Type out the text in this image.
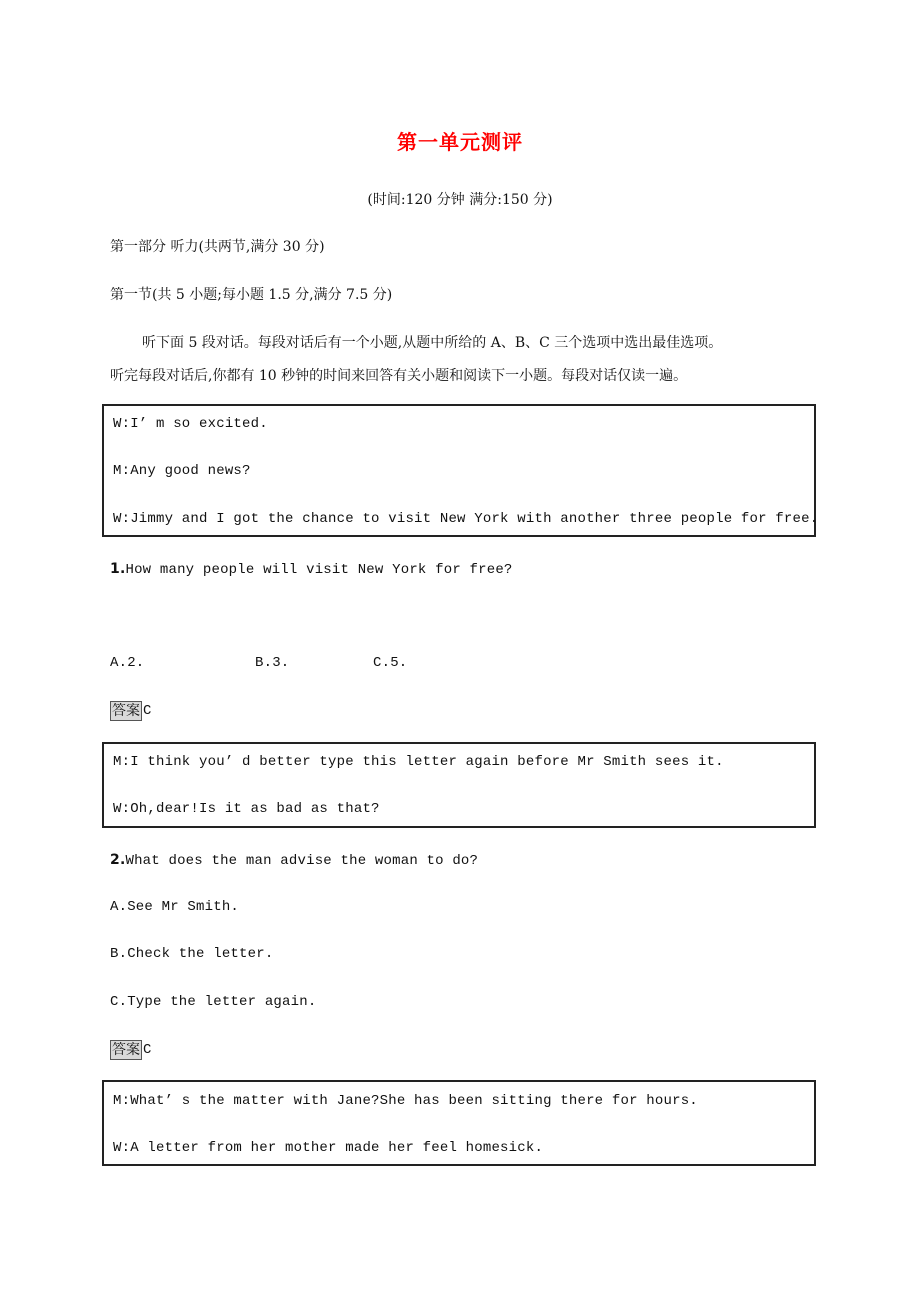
第一单元测评
(时间:120 分钟 满分:150 分)
第一部分 听力(共两节,满分 30 分)
第一节(共 5 小题;每小题 1.5 分,满分 7.5 分)
听下面 5 段对话。每段对话后有一个小题,从题中所给的 A、B、C 三个选项中选出最佳选项。
听完每段对话后,你都有 10 秒钟的时间来回答有关小题和阅读下一小题。每段对话仅读一遍。
W:I’ m so excited.
M:Any good news?
W:Jimmy and I got the chance to visit New York with another three people for free.
1.How many people will visit New York for free?
A.2.	B.3.	C.5.
答案 C
M:I think you’ d better type this letter again before Mr Smith sees it.
W:Oh,dear!Is it as bad as that?
2.What does the man advise the woman to do?
A.See Mr Smith.
B.Check the letter.
C.Type the letter again.
答案 C
M:What’ s the matter with Jane?She has been sitting there for hours.
W:A letter from her mother made her feel homesick.
